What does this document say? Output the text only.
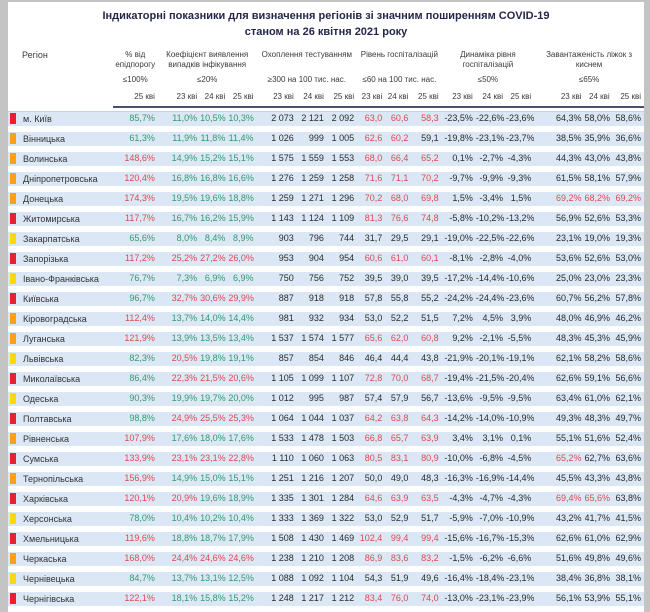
Індикаторні показники для визначення регіонів зі значним поширенням COVID-19
станом на 26 квітня 2021 року
Регіон	% від епідпорогу	Коефіцієнт виявлення випадків інфікування			Охоплення тестуванням			Рівень госпіталізацій			Динаміка рівня госпіталізацій			Завантаженість ліжок з киснем		
	≤100%	≤20%			≥300 на 100 тис. нас.			≤60 на 100 тис. нас.			≤50%			≤65%		
	25 кві	23 кві	24 кві	25 кві	23 кві	24 кві	25 кві	23 кві	24 кві	25 кві	23 кві	24 кві	25 кві	23 кві	24 кві	25 кві

м. Київ	85,7%	11,0%	10,5%	10,3%	2 073	2 121	2 092	63,0	60,6	58,3	-23,5%	-22,6%	-23,6%	64,3%	58,0%	58,6%
Вінницька	61,3%	11,9%	11,8%	11,4%	1 026	999	1 005	62,6	60,2	59,1	-19,8%	-23,1%	-23,7%	38,5%	35,9%	36,6%
Волинська	148,6%	14,9%	15,2%	15,1%	1 575	1 559	1 553	68,0	66,4	65,2	0,1%	-2,7%	-4,3%	44,3%	43,0%	43,8%
Дніпропетровська	120,4%	16,8%	16,8%	16,6%	1 276	1 259	1 258	71,6	71,1	70,2	-9,7%	-9,9%	-9,3%	61,5%	58,1%	57,9%
Донецька	174,3%	19,5%	19,6%	18,8%	1 259	1 271	1 296	70,2	68,0	69,8	1,5%	-3,4%	1,5%	69,2%	68,2%	69,2%
Житомирська	117,7%	16,7%	16,2%	15,9%	1 143	1 124	1 109	81,3	76,6	74,8	-5,8%	-10,2%	-13,2%	56,9%	52,6%	53,3%
Закарпатська	65,6%	8,0%	8,4%	8,9%	903	796	744	31,7	29,5	29,1	-19,0%	-22,5%	-22,6%	23,1%	19,0%	19,3%
Запорізька	117,2%	25,2%	27,2%	26,0%	953	904	954	60,6	61,0	60,1	-8,1%	-2,8%	-4,0%	53,6%	52,6%	53,0%
Івано-Франківська	76,7%	7,3%	6,9%	6,9%	750	756	752	39,5	39,0	39,5	-17,2%	-14,4%	-10,6%	25,0%	23,0%	23,3%
Київська	96,7%	32,7%	30,6%	29,9%	887	918	918	57,8	55,8	55,2	-24,2%	-24,4%	-23,6%	60,7%	56,2%	57,8%
Кіровоградська	112,4%	13,7%	14,0%	14,4%	981	932	934	53,0	52,2	51,5	7,2%	4,5%	3,9%	48,0%	46,9%	46,2%
Луганська	121,9%	13,9%	13,5%	13,4%	1 537	1 574	1 577	65,6	62,0	60,8	9,2%	-2,1%	-5,5%	48,3%	45,3%	45,9%
Львівська	82,3%	20,5%	19,8%	19,1%	857	854	846	46,4	44,4	43,8	-21,9%	-20,1%	-19,1%	62,1%	58,2%	58,6%
Миколаївська	86,4%	22,3%	21,5%	20,6%	1 105	1 099	1 107	72,8	70,0	68,7	-19,4%	-21,5%	-20,4%	62,6%	59,1%	56,6%
Одеська	90,3%	19,9%	19,7%	20,0%	1 012	995	987	57,4	57,9	56,7	-13,6%	-9,5%	-9,5%	63,4%	61,0%	62,1%
Полтавська	98,8%	24,9%	25,5%	25,3%	1 064	1 044	1 037	64,2	63,8	64,3	-14,2%	-14,0%	-10,9%	49,3%	48,3%	49,7%
Рівненська	107,9%	17,6%	18,0%	17,6%	1 533	1 478	1 503	66,8	65,7	63,9	3,4%	3,1%	0,1%	55,1%	51,6%	52,4%
Сумська	133,9%	23,1%	23,1%	22,8%	1 110	1 060	1 063	80,5	83,1	80,9	-10,0%	-6,8%	-4,5%	65,2%	62,7%	63,6%
Тернопільська	156,9%	14,9%	15,0%	15,1%	1 251	1 216	1 207	50,0	49,0	48,3	-16,3%	-16,9%	-14,4%	45,5%	43,3%	43,8%
Харківська	120,1%	20,9%	19,6%	18,9%	1 335	1 301	1 284	64,6	63,9	63,5	-4,3%	-4,7%	-4,3%	69,4%	65,6%	63,8%
Херсонська	78,0%	10,4%	10,2%	10,4%	1 333	1 369	1 322	53,0	52,9	51,7	-5,9%	-7,0%	-10,9%	43,2%	41,7%	41,5%
Хмельницька	119,6%	18,8%	18,7%	17,9%	1 508	1 430	1 469	102,4	99,4	99,4	-15,6%	-16,7%	-15,3%	62,6%	61,0%	62,9%
Черкаська	168,0%	24,4%	24,6%	24,6%	1 238	1 210	1 208	86,9	83,6	83,2	-1,5%	-6,2%	-6,6%	51,6%	49,8%	49,6%
Чернівецька	84,7%	13,7%	13,1%	12,5%	1 088	1 092	1 104	54,3	51,9	49,6	-16,4%	-18,4%	-23,1%	38,4%	36,8%	38,1%
Чернігівська	122,1%	18,1%	15,8%	15,2%	1 248	1 217	1 212	83,4	76,0	74,0	-13,0%	-23,1%	-23,9%	56,1%	53,9%	55,1%
